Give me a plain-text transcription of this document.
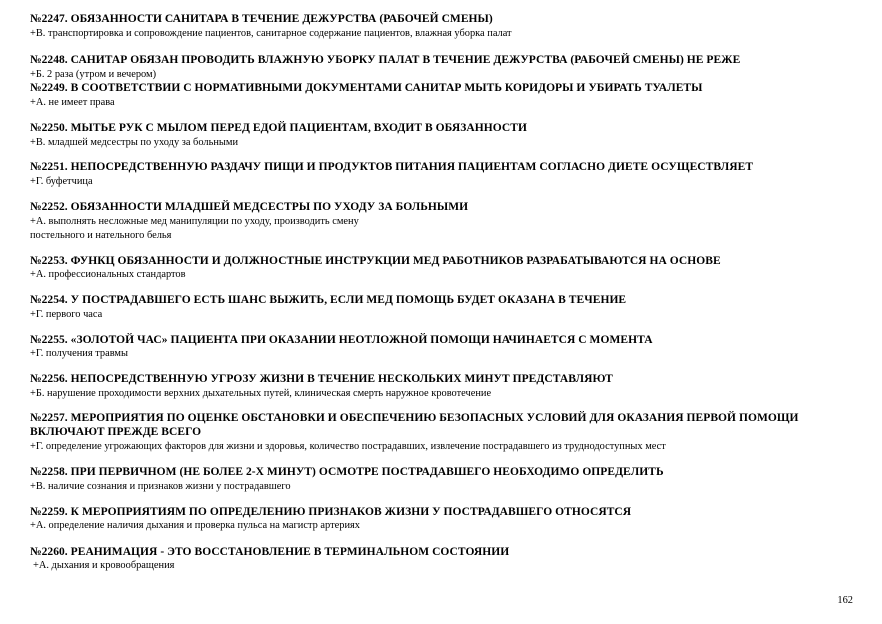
№2247. ОБЯЗАННОСТИ САНИТАРА В ТЕЧЕНИЕ ДЕЖУРСТВА (РАБОЧЕЙ СМЕНЫ)
+В. транспортировка и сопровождение пациентов, санитарное содержание пациентов, влажная уборка палат
№2248. САНИТАР ОБЯЗАН ПРОВОДИТЬ ВЛАЖНУЮ УБОРКУ ПАЛАТ В ТЕЧЕНИЕ ДЕЖУРСТВА (РАБОЧЕЙ СМЕНЫ) НЕ РЕЖЕ
+Б. 2 раза (утром и вечером)
№2249. В СООТВЕТСТВИИ С НОРМАТИВНЫМИ ДОКУМЕНТАМИ САНИТАР МЫТЬ КОРИДОРЫ И УБИРАТЬ ТУАЛЕТЫ
+А. не имеет права
№2250. МЫТЬЕ РУК С МЫЛОМ ПЕРЕД ЕДОЙ ПАЦИЕНТАМ, ВХОДИТ В ОБЯЗАННОСТИ
+В. младшей медсестры по уходу за больными
№2251. НЕПОСРЕДСТВЕННУЮ РАЗДАЧУ ПИЩИ И ПРОДУКТОВ ПИТАНИЯ ПАЦИЕНТАМ СОГЛАСНО ДИЕТЕ ОСУЩЕСТВЛЯЕТ
+Г. буфетчица
№2252. ОБЯЗАННОСТИ МЛАДШЕЙ МЕДСЕСТРЫ ПО УХОДУ ЗА БОЛЬНЫМИ
+А. выполнять несложные мед манипуляции по уходу, производить смену
постельного и нательного белья
№2253. ФУНКЦ ОБЯЗАННОСТИ И ДОЛЖНОСТНЫЕ ИНСТРУКЦИИ МЕД РАБОТНИКОВ РАЗРАБАТЫВАЮТСЯ НА ОСНОВЕ
+А. профессиональных стандартов
№2254. У ПОСТРАДАВШЕГО ЕСТЬ ШАНС ВЫЖИТЬ, ЕСЛИ МЕД ПОМОЩЬ БУДЕТ ОКАЗАНА В ТЕЧЕНИЕ
+Г. первого часа
№2255. «ЗОЛОТОЙ ЧАС» ПАЦИЕНТА ПРИ ОКАЗАНИИ НЕОТЛОЖНОЙ ПОМОЩИ НАЧИНАЕТСЯ С МОМЕНТА
+Г. получения травмы
№2256. НЕПОСРЕДСТВЕННУЮ УГРОЗУ ЖИЗНИ В ТЕЧЕНИЕ НЕСКОЛЬКИХ МИНУТ ПРЕДСТАВЛЯЮТ
+Б. нарушение проходимости верхних дыхательных путей, клиническая смерть наружное кровотечение
№2257. МЕРОПРИЯТИЯ ПО ОЦЕНКЕ ОБСТАНОВКИ И ОБЕСПЕЧЕНИЮ БЕЗОПАСНЫХ УСЛОВИЙ ДЛЯ ОКАЗАНИЯ ПЕРВОЙ ПОМОЩИ
ВКЛЮЧАЮТ ПРЕЖДЕ ВСЕГО
+Г. определение угрожающих факторов для жизни и здоровья, количество пострадавших, извлечение пострадавшего из труднодоступных мест
№2258. ПРИ ПЕРВИЧНОМ (НЕ БОЛЕЕ 2-Х МИНУТ) ОСМОТРЕ ПОСТРАДАВШЕГО НЕОБХОДИМО ОПРЕДЕЛИТЬ
+В. наличие сознания и признаков жизни у пострадавшего
№2259. К МЕРОПРИЯТИЯМ ПО ОПРЕДЕЛЕНИЮ ПРИЗНАКОВ ЖИЗНИ У ПОСТРАДАВШЕГО ОТНОСЯТСЯ
+А. определение наличия дыхания и проверка пульса на магистр артериях
№2260. РЕАНИМАЦИЯ - ЭТО ВОССТАНОВЛЕНИЕ В ТЕРМИНАЛЬНОМ СОСТОЯНИИ
+А. дыхания и кровообращения
162
